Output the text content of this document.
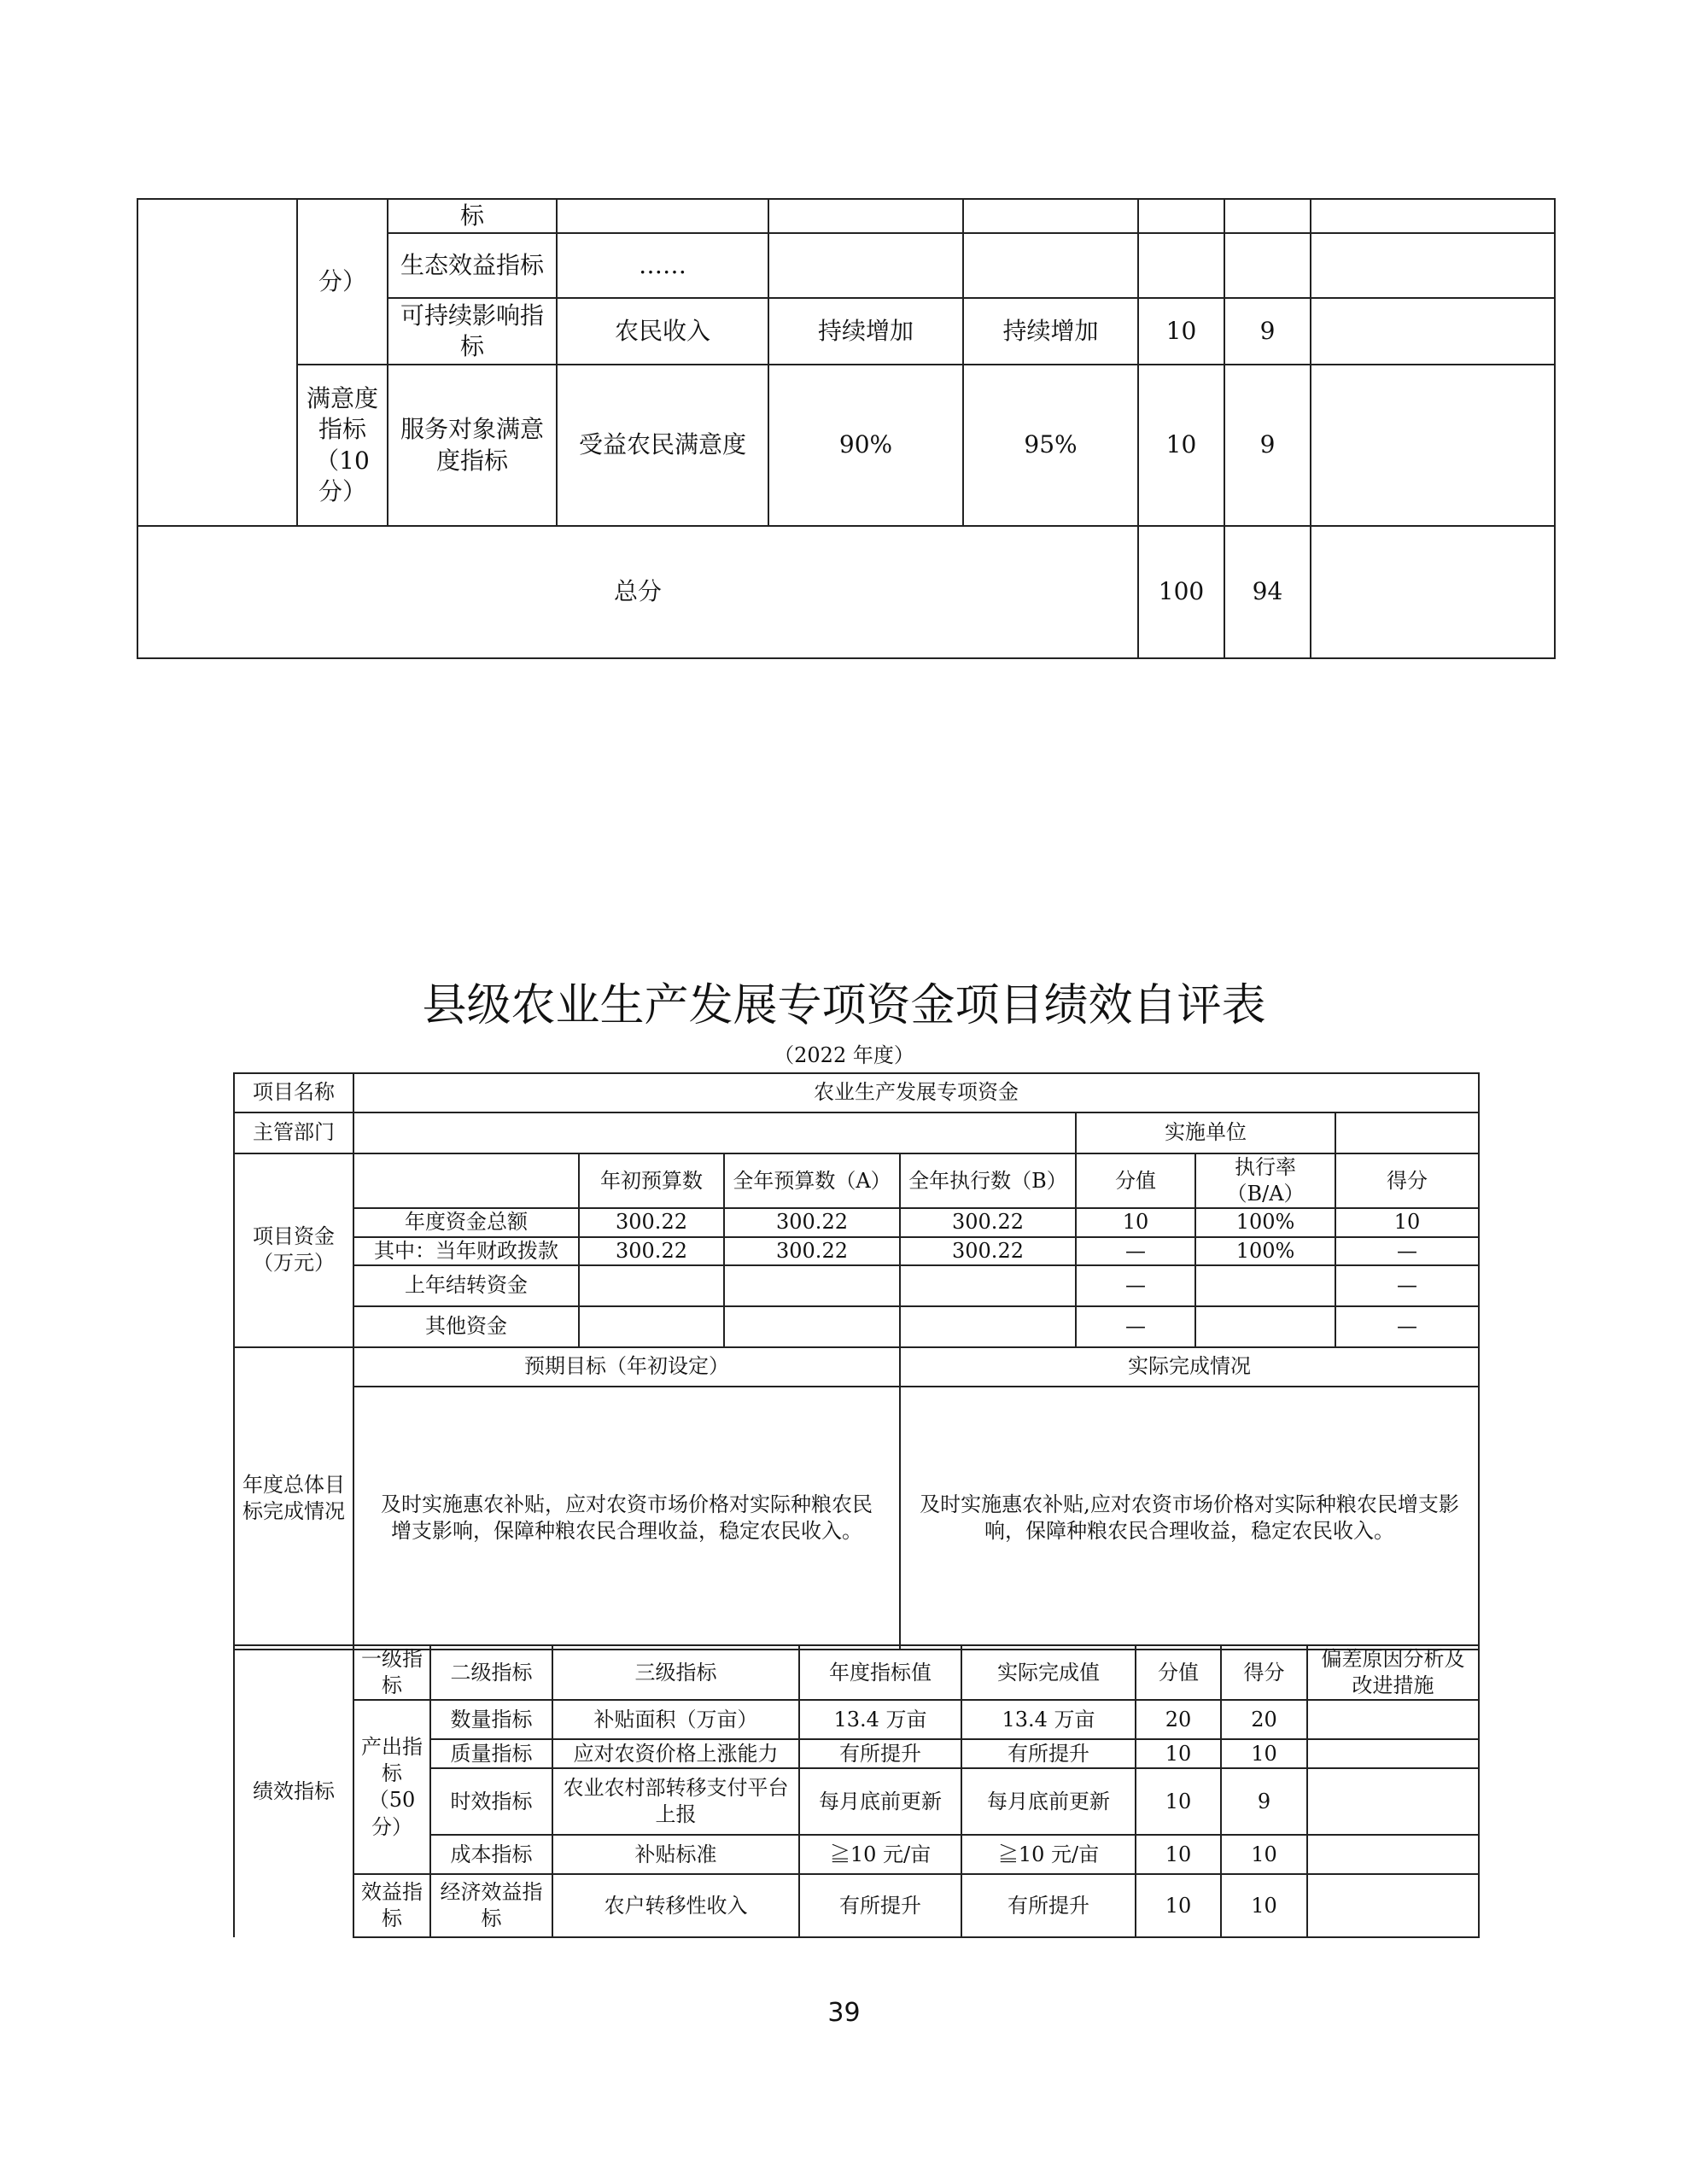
	分）	标						
		生态效益指标	……					
		可持续影响指标	农民收入	持续增加	持续增加	10	9	
	满意度指标（10分）	服务对象满意度指标	受益农民满意度	90%	95%	10	9	
总分						100	94	
县级农业生产发展专项资金项目绩效自评表
（2022 年度）
项目名称	农业生产发展专项资金						
主管部门					实施单位		
项目资金（万元）		年初预算数	全年预算数（A）	全年执行数（B）	分值	执行率（B/A）	得分
	年度资金总额	300.22	300.22	300.22	10	100%	10
	其中：当年财政拨款	300.22	300.22	300.22	—	100%	—
	上年结转资金				—		—
	其他资金				—		—
年度总体目标完成情况	预期目标（年初设定）			实际完成情况			
	及时实施惠农补贴，应对农资市场价格对实际种粮农民增支影响，保障种粮农民合理收益，稳定农民收入。			及时实施惠农补贴,应对农资市场价格对实际种粮农民增支影响，保障种粮农民合理收益，稳定农民收入。			
绩效指标	一级指标	二级指标	三级指标	年度指标值	实际完成值	分值	得分	偏差原因分析及改进措施
	产出指标（50分）	数量指标	补贴面积（万亩）	13.4 万亩	13.4 万亩	20	20	
		质量指标	应对农资价格上涨能力	有所提升	有所提升	10	10	
		时效指标	农业农村部转移支付平台上报	每月底前更新	每月底前更新	10	9	
		成本指标	补贴标准	≧10 元/亩	≧10 元/亩	10	10	
	效益指标	经济效益指标	农户转移性收入	有所提升	有所提升	10	10	
39
